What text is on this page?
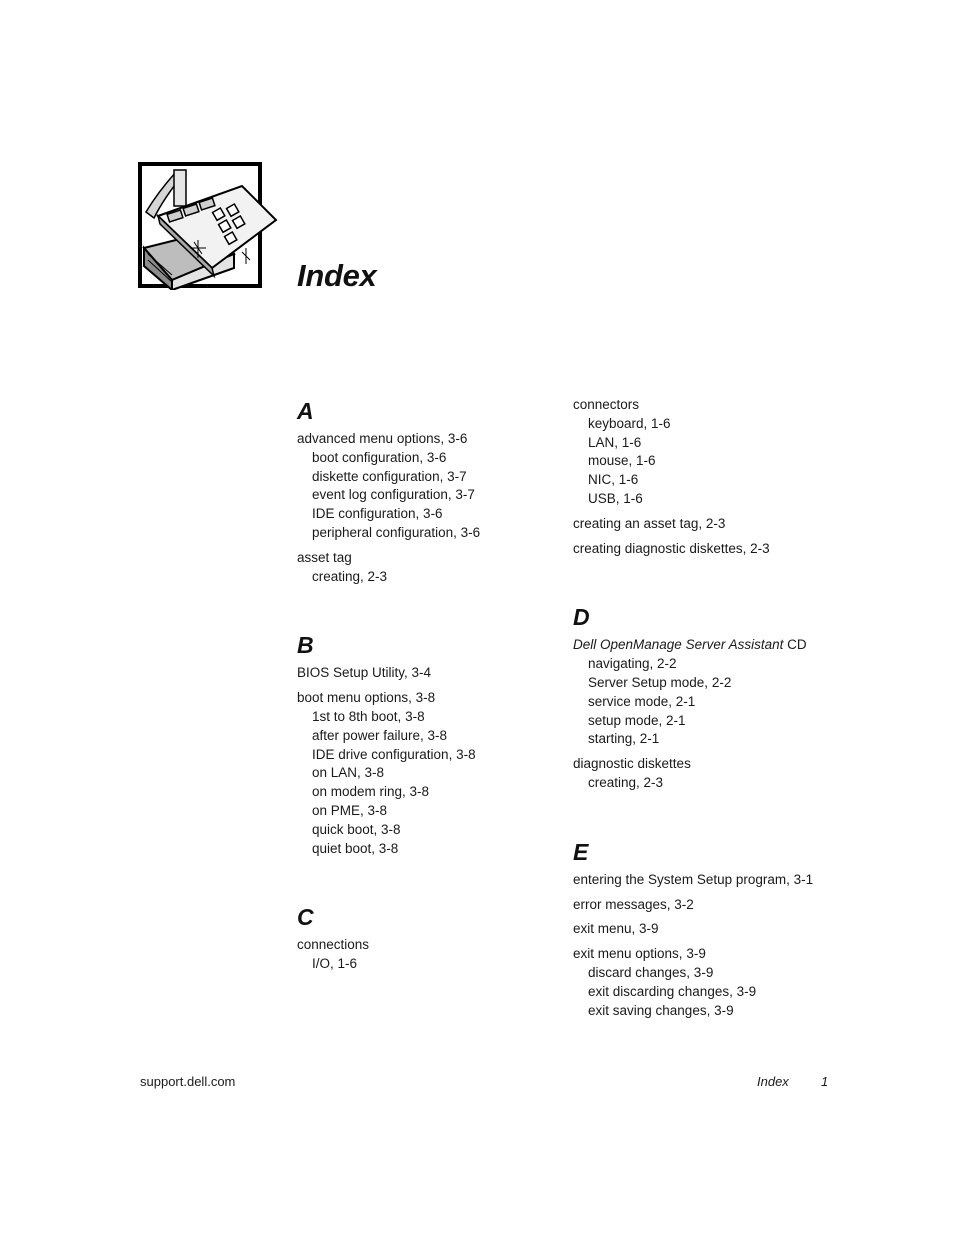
Index
A
advanced menu options, 3-6
boot configuration, 3-6
diskette configuration, 3-7
event log configuration, 3-7
IDE configuration, 3-6
peripheral configuration, 3-6
asset tag
creating, 2-3
B
BIOS Setup Utility, 3-4
boot menu options, 3-8
1st to 8th boot, 3-8
after power failure, 3-8
IDE drive configuration, 3-8
on LAN, 3-8
on modem ring, 3-8
on PME, 3-8
quick boot, 3-8
quiet boot, 3-8
C
connections
I/O, 1-6
connectors
keyboard, 1-6
LAN, 1-6
mouse, 1-6
NIC, 1-6
USB, 1-6
creating an asset tag, 2-3
creating diagnostic diskettes, 2-3
D
Dell OpenManage Server Assistant CD
navigating, 2-2
Server Setup mode, 2-2
service mode, 2-1
setup mode, 2-1
starting, 2-1
diagnostic diskettes
creating, 2-3
E
entering the System Setup program, 3-1
error messages, 3-2
exit menu, 3-9
exit menu options, 3-9
discard changes, 3-9
exit discarding changes, 3-9
exit saving changes, 3-9
support.dell.com	Index 1
